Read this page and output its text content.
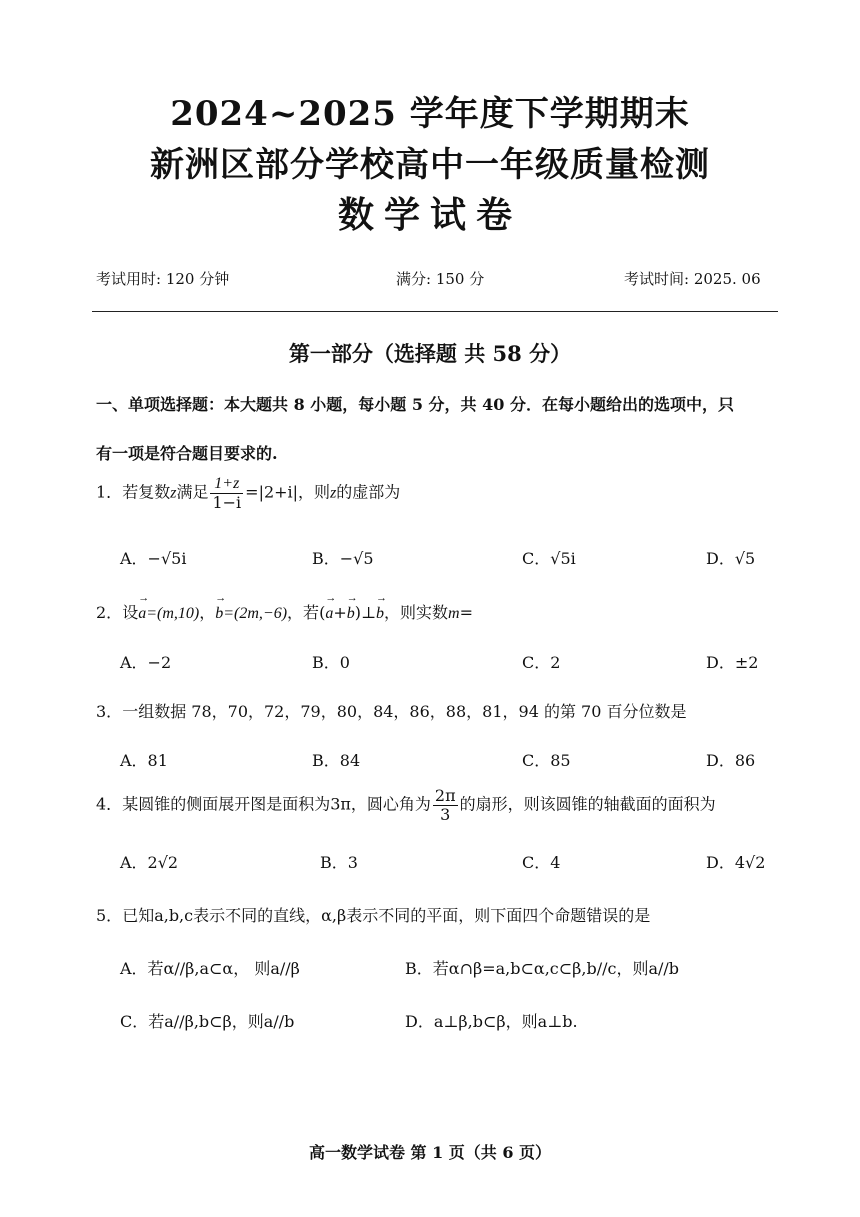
2024~2025 学年度下学期期末
新洲区部分学校高中一年级质量检测
数学试卷
考试用时: 120 分钟	满分: 150 分	考试时间: 2025. 06
第一部分（选择题 共 58 分）
一、单项选择题：本大题共 8 小题，每小题 5 分，共 40 分．在每小题给出的选项中，只
有一项是符合题目要求的.
1．若复数z满足 $\frac{1+z}{1-i} =|2+i|$，则z的虚部为
A．−√5i	B．−√5	C．√5i	D．√5
2．设→ a=(m,10)，→ b=(2m,−6)，若(→ a+→ b)⊥→ b，则实数m=
A．−2	B．0	C．2	D．±2
3．一组数据 78，70，72，79，80，84，86，88，81，94 的第 70 百分位数是
A．81	B．84	C．85	D．86
4．某圆锥的侧面展开图是面积为3π，圆心角为 $\frac{2\pi}{3}$ 的扇形，则该圆锥的轴截面的面积为
A．2√2	B．3	C．4	D．4√2
5．已知a,b,c表示不同的直线，α,β表示不同的平面，则下面四个命题错误的是
A．若α//β,a⊂α， 则a//β	B．若α∩β=a,b⊂α,c⊂β,b//c，则a//b
C．若a//β,b⊂β，则a//b	D．a⊥β,b⊂β，则a⊥b.
高一数学试卷 第 1 页（共 6 页）
